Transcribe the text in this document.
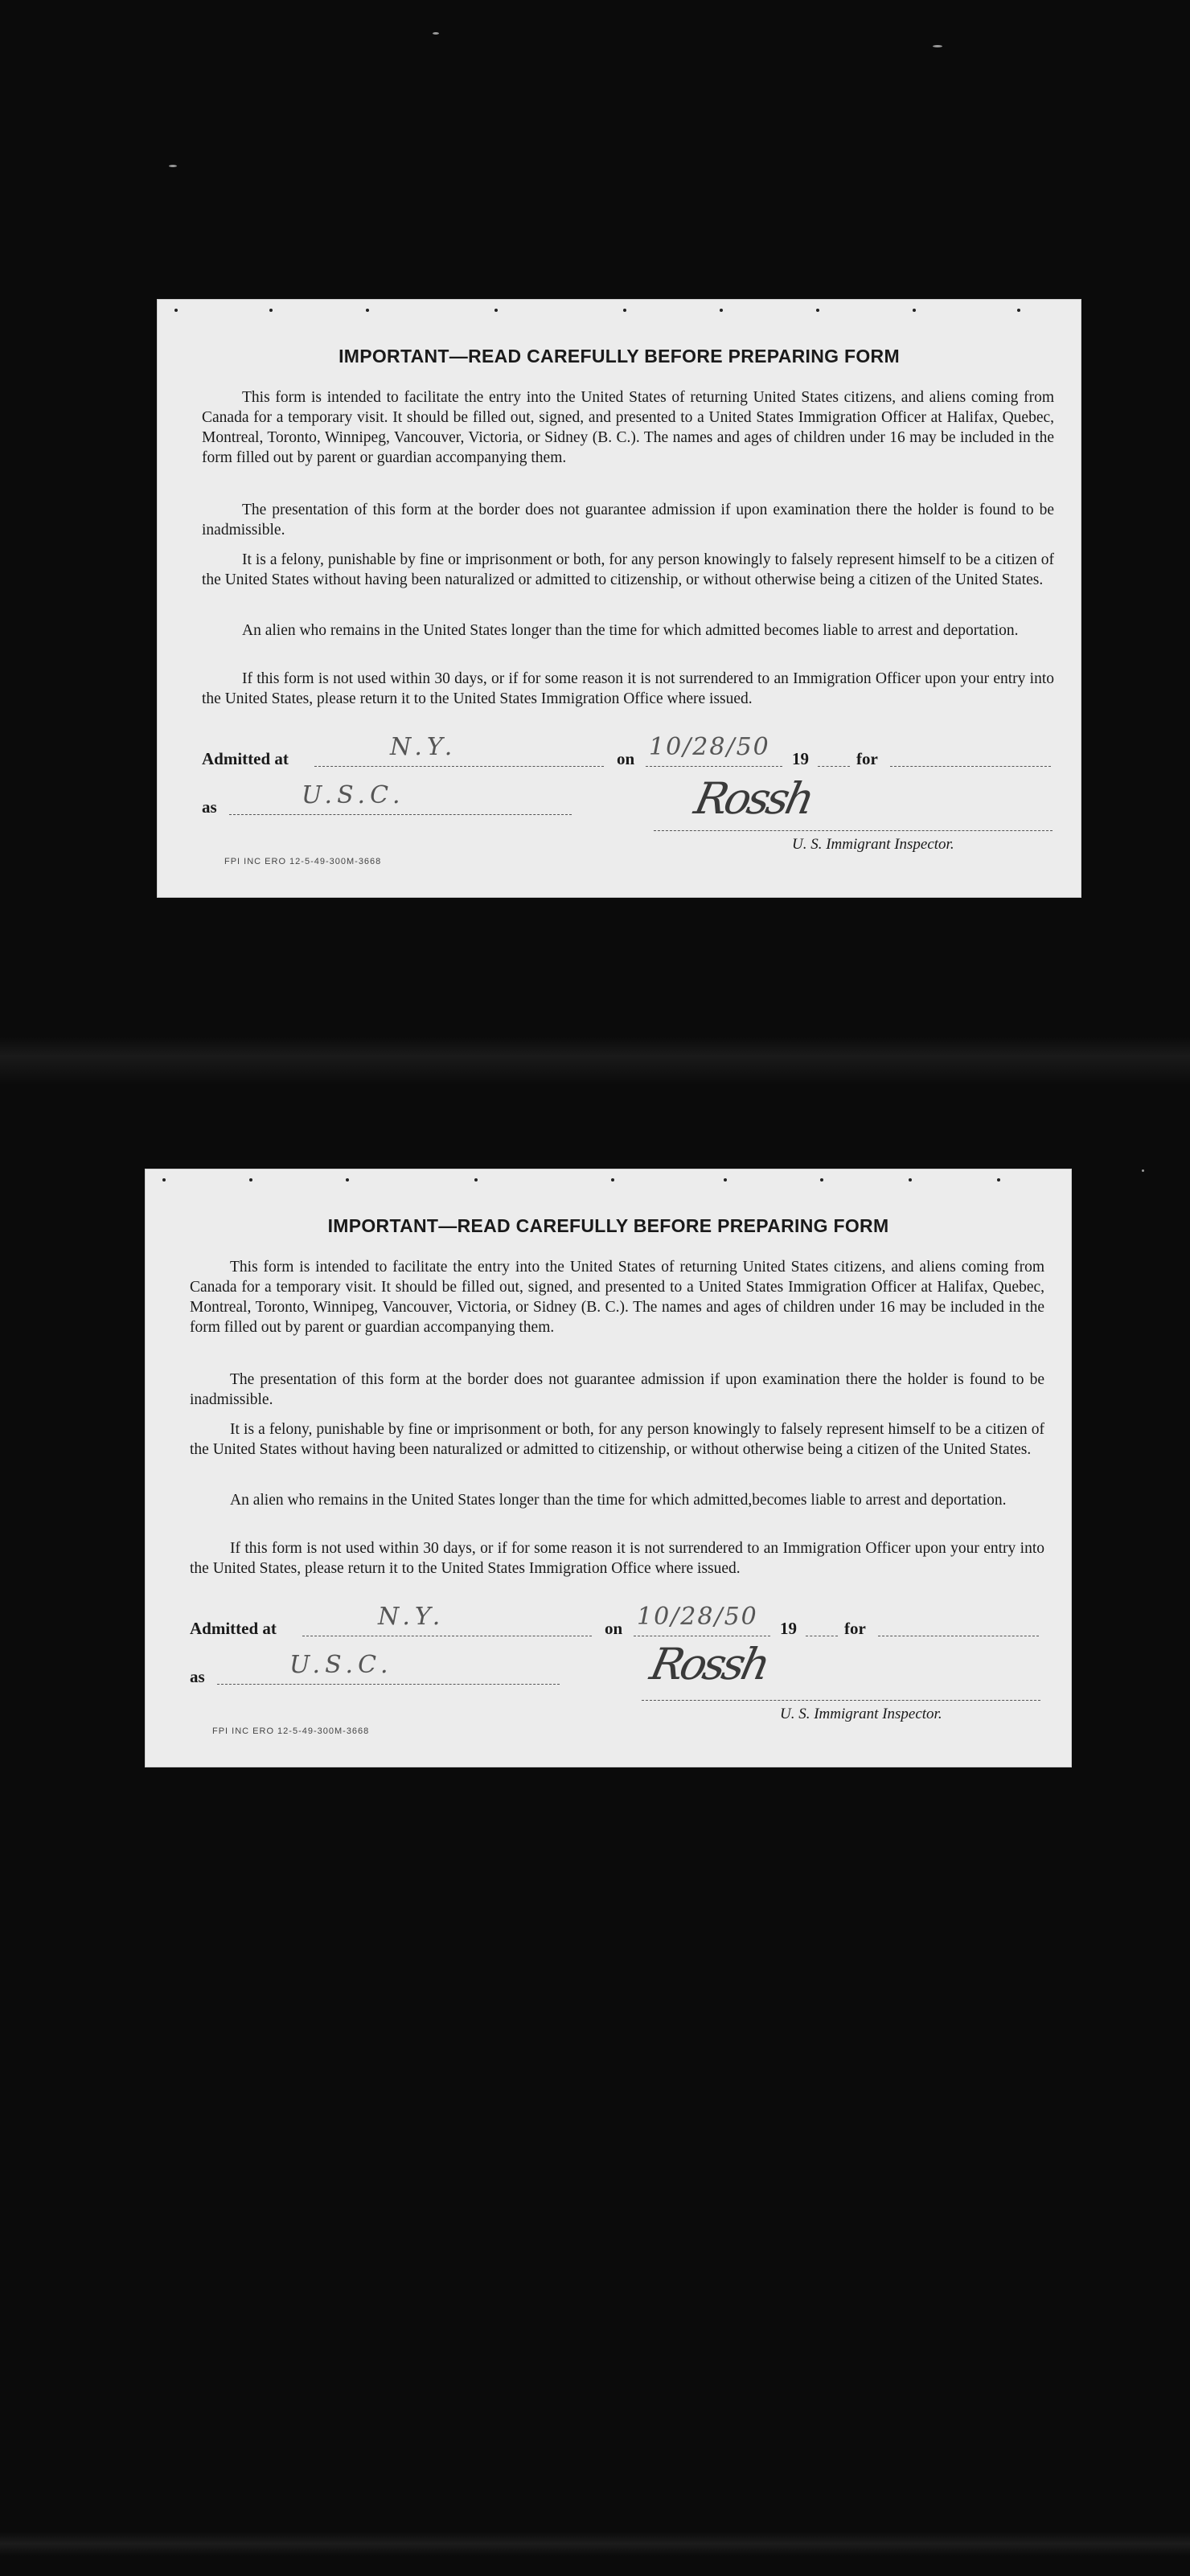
IMPORTANT—READ CAREFULLY BEFORE PREPARING FORM
This form is intended to facilitate the entry into the United States of returning United States citizens, and aliens coming from Canada for a temporary visit. It should be filled out, signed, and presented to a United States Immigration Officer at Halifax, Quebec, Montreal, Toronto, Winnipeg, Vancouver, Victoria, or Sidney (B. C.). The names and ages of children under 16 may be included in the form filled out by parent or guardian accompanying them.
The presentation of this form at the border does not guarantee admission if upon examination there the holder is found to be inadmissible.
It is a felony, punishable by fine or imprisonment or both, for any person knowingly to falsely represent himself to be a citizen of the United States without having been naturalized or admitted to citizenship, or without otherwise being a citizen of the United States.
An alien who remains in the United States longer than the time for which admitted becomes liable to arrest and deportation.
If this form is not used within 30 days, or if for some reason it is not surrendered to an Immigration Officer upon your entry into the United States, please return it to the United States Immigration Office where issued.
Admitted at	N.Y.	on 10/28/50 19	for
as	U.S.C.	Rossh
U. S. Immigrant Inspector.
FPI INC ERO 12-5-49-300M-3668
IMPORTANT—READ CAREFULLY BEFORE PREPARING FORM
This form is intended to facilitate the entry into the United States of returning United States citizens, and aliens coming from Canada for a temporary visit. It should be filled out, signed, and presented to a United States Immigration Officer at Halifax, Quebec, Montreal, Toronto, Winnipeg, Vancouver, Victoria, or Sidney (B. C.). The names and ages of children under 16 may be included in the form filled out by parent or guardian accompanying them.
The presentation of this form at the border does not guarantee admission if upon examination there the holder is found to be inadmissible.
It is a felony, punishable by fine or imprisonment or both, for any person knowingly to falsely represent himself to be a citizen of the United States without having been naturalized or admitted to citizenship, or without otherwise being a citizen of the United States.
An alien who remains in the United States longer than the time for which admitted,becomes liable to arrest and deportation.
If this form is not used within 30 days, or if for some reason it is not surrendered to an Immigration Officer upon your entry into the United States, please return it to the United States Immigration Office where issued.
Admitted at	N.Y.	on 10/28/50 19	for
as	U.S.C.	Rossh
U. S. Immigrant Inspector.
FPI INC ERO 12-5-49-300M-3668
